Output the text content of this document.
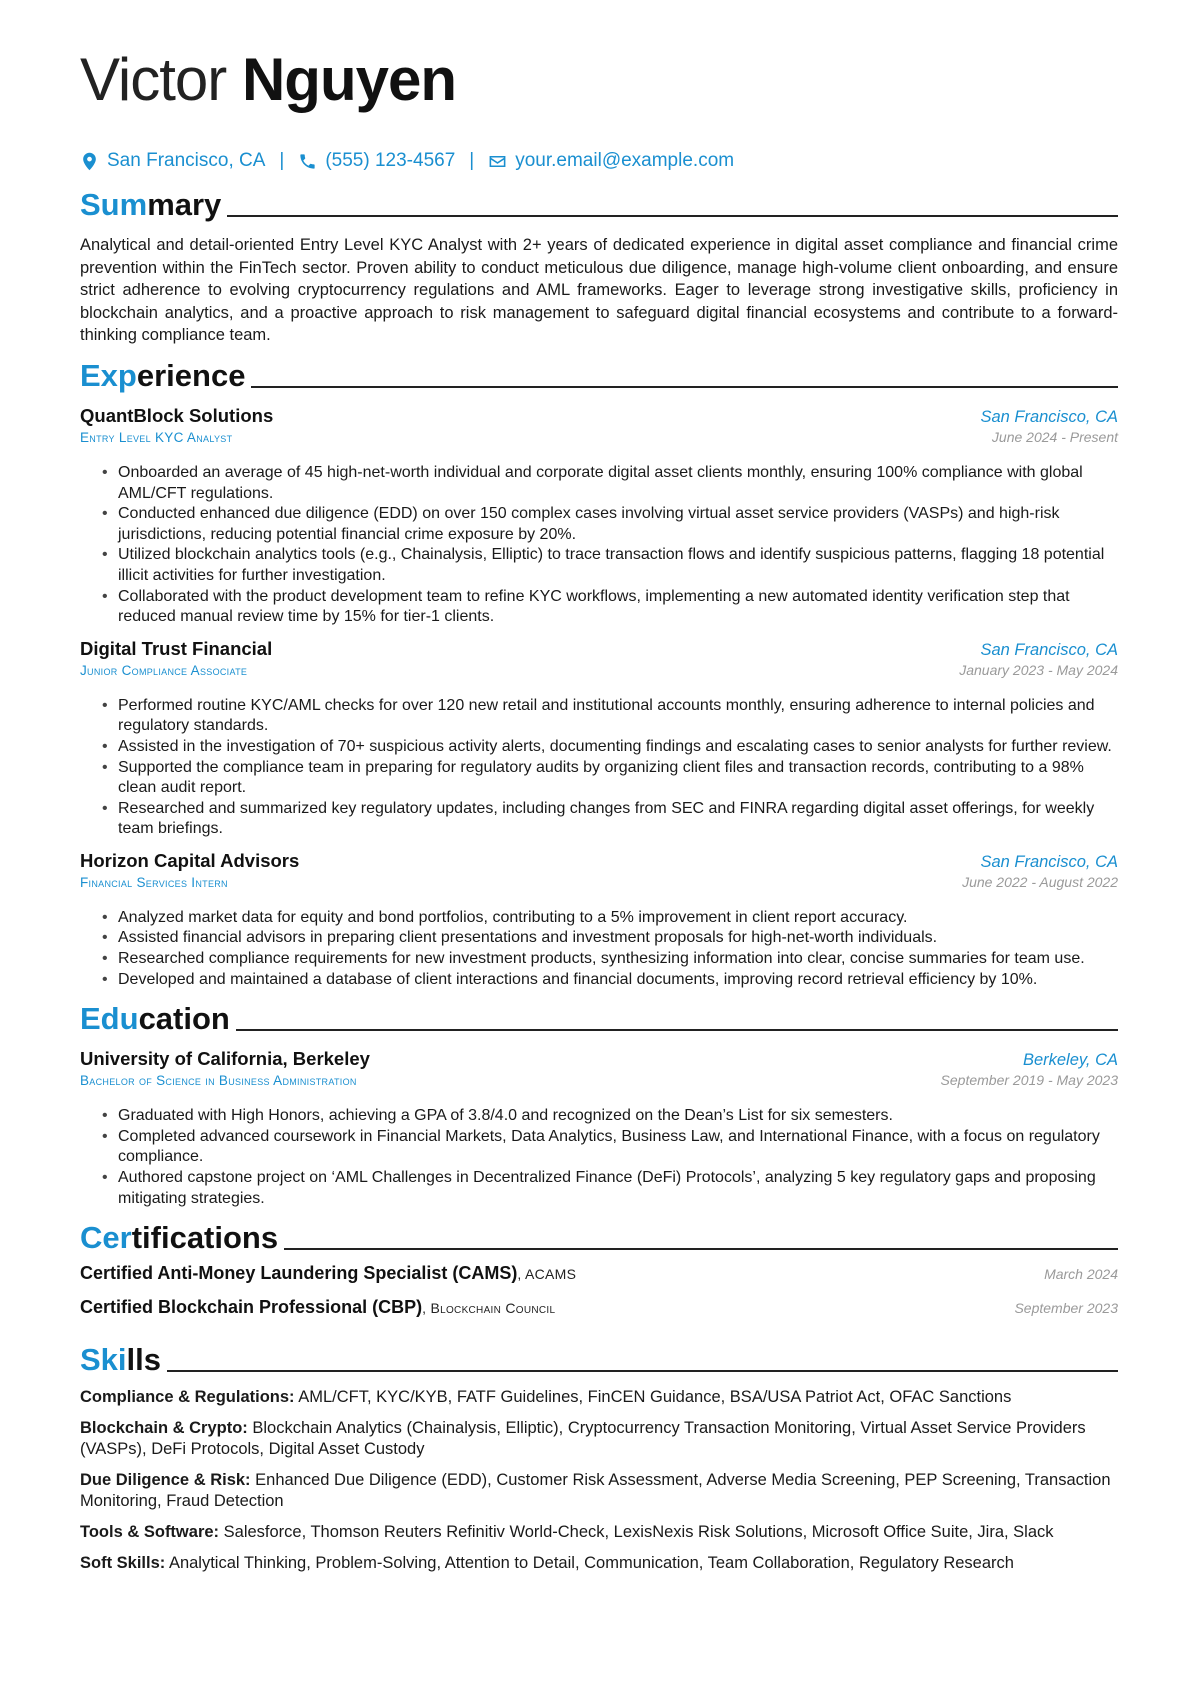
Victor Nguyen
San Francisco, CA | (555) 123-4567 | your.email@example.com
Summary
Analytical and detail-oriented Entry Level KYC Analyst with 2+ years of dedicated experience in digital asset compliance and financial crime prevention within the FinTech sector. Proven ability to conduct meticulous due diligence, manage high-volume client onboarding, and ensure strict adherence to evolving cryptocurrency regulations and AML frameworks. Eager to leverage strong investigative skills, proficiency in blockchain analytics, and a proactive approach to risk management to safeguard digital financial ecosystems and contribute to a forward-thinking compliance team.
Experience
QuantBlock Solutions	San Francisco, CA
Entry Level KYC Analyst	June 2024 - Present
• Onboarded an average of 45 high-net-worth individual and corporate digital asset clients monthly, ensuring 100% compliance with global AML/CFT regulations.
• Conducted enhanced due diligence (EDD) on over 150 complex cases involving virtual asset service providers (VASPs) and high-risk jurisdictions, reducing potential financial crime exposure by 20%.
• Utilized blockchain analytics tools (e.g., Chainalysis, Elliptic) to trace transaction flows and identify suspicious patterns, flagging 18 potential illicit activities for further investigation.
• Collaborated with the product development team to refine KYC workflows, implementing a new automated identity verification step that reduced manual review time by 15% for tier-1 clients.
Digital Trust Financial	San Francisco, CA
Junior Compliance Associate	January 2023 - May 2024
• Performed routine KYC/AML checks for over 120 new retail and institutional accounts monthly, ensuring adherence to internal policies and regulatory standards.
• Assisted in the investigation of 70+ suspicious activity alerts, documenting findings and escalating cases to senior analysts for further review.
• Supported the compliance team in preparing for regulatory audits by organizing client files and transaction records, contributing to a 98% clean audit report.
• Researched and summarized key regulatory updates, including changes from SEC and FINRA regarding digital asset offerings, for weekly team briefings.
Horizon Capital Advisors	San Francisco, CA
Financial Services Intern	June 2022 - August 2022
• Analyzed market data for equity and bond portfolios, contributing to a 5% improvement in client report accuracy.
• Assisted financial advisors in preparing client presentations and investment proposals for high-net-worth individuals.
• Researched compliance requirements for new investment products, synthesizing information into clear, concise summaries for team use.
• Developed and maintained a database of client interactions and financial documents, improving record retrieval efficiency by 10%.
Education
University of California, Berkeley	Berkeley, CA
Bachelor of Science in Business Administration	September 2019 - May 2023
• Graduated with High Honors, achieving a GPA of 3.8/4.0 and recognized on the Dean’s List for six semesters.
• Completed advanced coursework in Financial Markets, Data Analytics, Business Law, and International Finance, with a focus on regulatory compliance.
• Authored capstone project on ‘AML Challenges in Decentralized Finance (DeFi) Protocols’, analyzing 5 key regulatory gaps and proposing mitigating strategies.
Certifications
Certified Anti-Money Laundering Specialist (CAMS), ACAMS	March 2024
Certified Blockchain Professional (CBP), Blockchain Council	September 2023
Skills
Compliance & Regulations: AML/CFT, KYC/KYB, FATF Guidelines, FinCEN Guidance, BSA/USA Patriot Act, OFAC Sanctions
Blockchain & Crypto: Blockchain Analytics (Chainalysis, Elliptic), Cryptocurrency Transaction Monitoring, Virtual Asset Service Providers (VASPs), DeFi Protocols, Digital Asset Custody
Due Diligence & Risk: Enhanced Due Diligence (EDD), Customer Risk Assessment, Adverse Media Screening, PEP Screening, Transaction Monitoring, Fraud Detection
Tools & Software: Salesforce, Thomson Reuters Refinitiv World-Check, LexisNexis Risk Solutions, Microsoft Office Suite, Jira, Slack
Soft Skills: Analytical Thinking, Problem-Solving, Attention to Detail, Communication, Team Collaboration, Regulatory Research
